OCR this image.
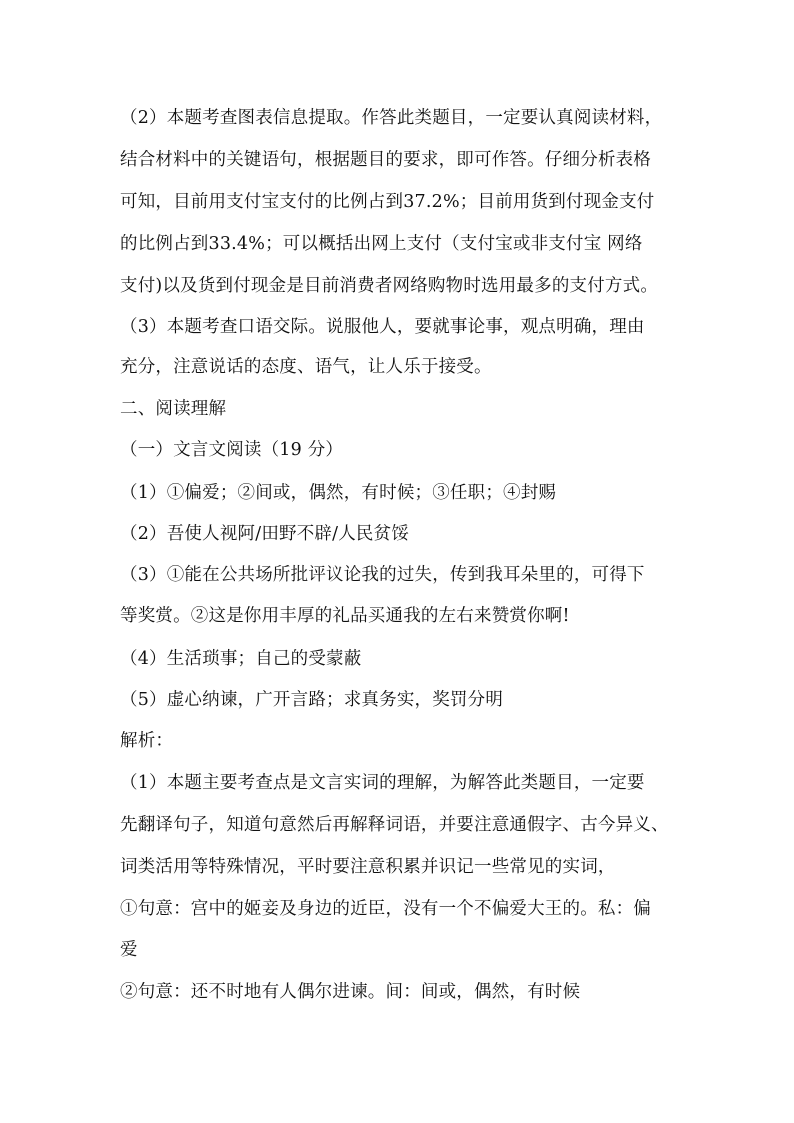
（2）本题考查图表信息提取。作答此类题目，一定要认真阅读材料，
结合材料中的关键语句，根据题目的要求，即可作答。仔细分析表格
可知，目前用支付宝支付的比例占到37.2%；目前用货到付现金支付
的比例占到33.4%；可以概括出网上支付（支付宝或非支付宝 网络
支付)以及货到付现金是目前消费者网络购物时选用最多的支付方式。
（3）本题考查口语交际。说服他人，要就事论事，观点明确，理由
充分，注意说话的态度、语气，让人乐于接受。
二、阅读理解
（一）文言文阅读（19 分）
（1）①偏爱；②间或，偶然，有时候；③任职；④封赐
（2）吾使人视阿/田野不辟/人民贫馁
（3）①能在公共场所批评议论我的过失，传到我耳朵里的，可得下
等奖赏。②这是你用丰厚的礼品买通我的左右来赞赏你啊!
（4）生活琐事；自己的受蒙蔽
（5）虚心纳谏，广开言路；求真务实，奖罚分明
解析：
（1）本题主要考查点是文言实词的理解，为解答此类题目，一定要
先翻译句子，知道句意然后再解释词语，并要注意通假字、古今异义、
词类活用等特殊情况，平时要注意积累并识记一些常见的实词，
①句意：宫中的姬妾及身边的近臣，没有一个不偏爱大王的。私：偏
爱
②句意：还不时地有人偶尔进谏。间：间或，偶然，有时候
